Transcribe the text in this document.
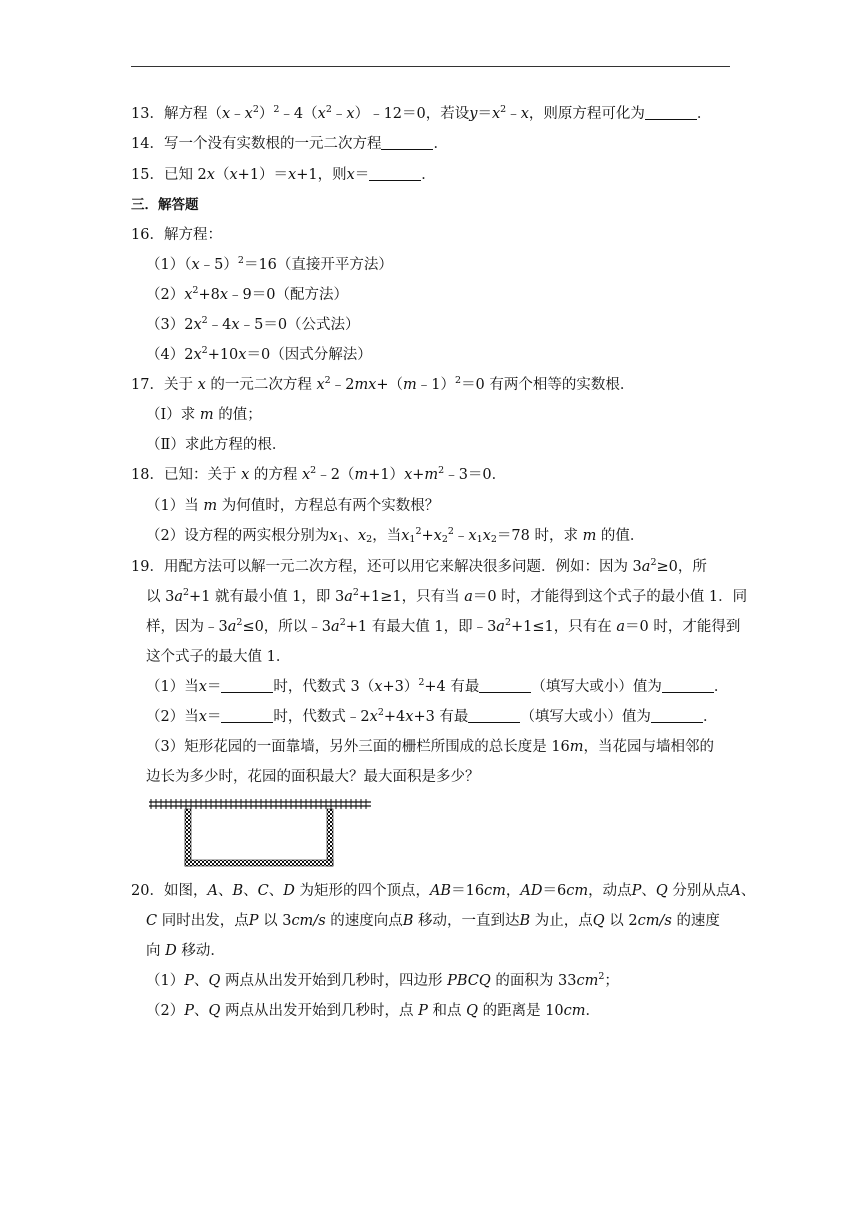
13．解方程$(x﹣x^2)^2﹣4(x^2﹣x)﹣12=0$，若设$y=x^2﹣x$，则原方程可化为	．
14．写一个没有实数根的一元二次方程	．
15．已知 2x（x+1）＝x+1，则x＝	．
三．解答题
16．解方程：
（1）（x﹣5）$^2$＝16（直接开平方法）
$(2)x^2+8x﹣9=0$（配方法）
$(3)2x^2﹣4x﹣5=0$（公式法）
$(4)2x^2+10x=0$（因式分解法）
17．关于 x 的一元二次方程 $x^2﹣2mx+(m﹣1)^2=0$ 有两个相等的实数根．
（Ⅰ）求 m 的值；
（Ⅱ）求此方程的根．
18．已知：关于 x 的方程 $x^2﹣2(m+1)x+m^2﹣3=0$．
（1）当 m 为何值时，方程总有两个实数根？
（2）设方程的两实根分别为$x_1$、$x_2$，当$x_1^2+x_2^2﹣x_1x_2=78$ 时，求 m 的值．
19．用配方法可以解一元二次方程，还可以用它来解决很多问题．例如：因为 $3a^2\ge 0$，所
以 $3a^2+1$ 就有最小值 1，即 $3a^2+1\ge 1$，只有当 a＝0 时，才能得到这个式子的最小值 1．同
样，因为$﹣3a^2\le 0$，所以$﹣3a^2+1$ 有最大值 1，即$﹣3a^2+1\le 1$，只有在 a＝0 时，才能得到
这个式子的最大值 1．
（1）当x＝	时，代数式 $3(x+3)^2+4$ 有最	（填写大或小）值为	．
（2）当x＝	时，代数式$﹣2x^2+4x+3$ 有最	（填写大或小）值为	．
（3）矩形花园的一面靠墙，另外三面的栅栏所围成的总长度是 16m，当花园与墙相邻的
边长为多少时，花园的面积最大？最大面积是多少？
20．如图，A、B、C、D 为矩形的四个顶点，AB＝16cm，AD＝6cm，动点P、Q 分别从点A、
C 同时出发，点P 以 3cm/s 的速度向点B 移动，一直到达B 为止，点Q 以 2cm/s 的速度
向 D 移动．
（1）P、Q 两点从出发开始到几秒时，四边形 PBCQ 的面积为 $33cm^2$；
（2）P、Q 两点从出发开始到几秒时，点 P 和点 Q 的距离是 10cm．
